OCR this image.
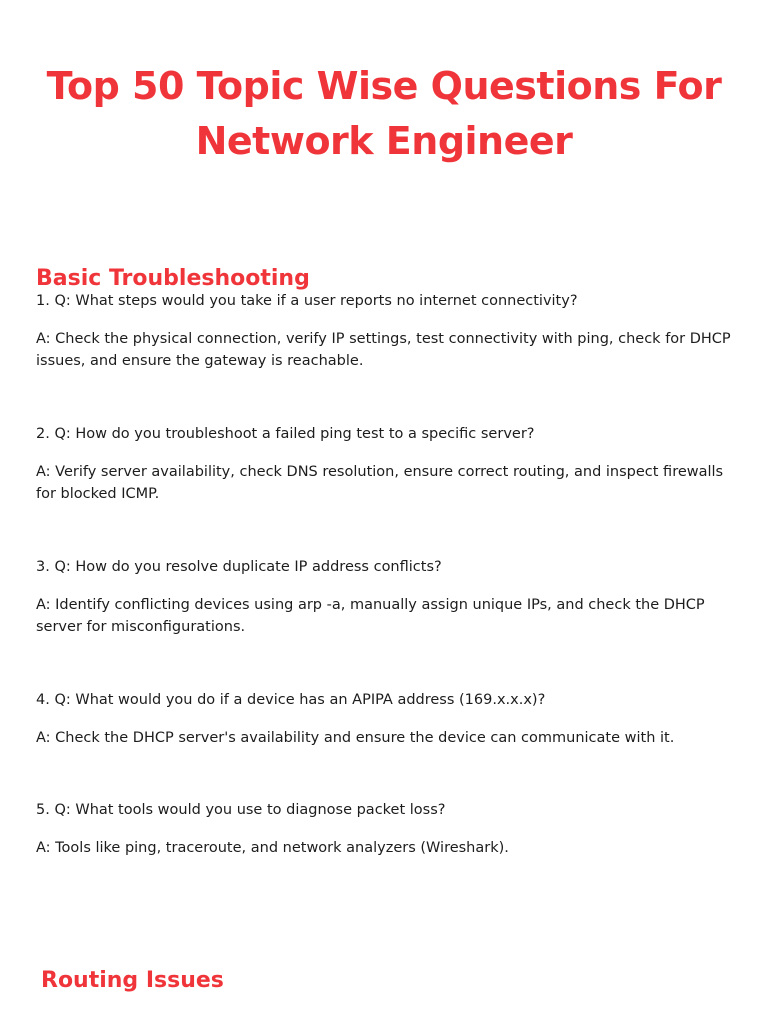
Top 50 Topic Wise Questions For
Network Engineer
Basic Troubleshooting

1. Q: What steps would you take if a user reports no internet connectivity?

A: Check the physical connection, verify IP settings, test connectivity with ping, check for DHCP issues, and ensure the gateway is reachable.

2. Q: How do you troubleshoot a failed ping test to a specific server?

A: Verify server availability, check DNS resolution, ensure correct routing, and inspect firewalls for blocked ICMP.

3. Q: How do you resolve duplicate IP address conflicts?

A: Identify conflicting devices using arp -a, manually assign unique IPs, and check the DHCP server for misconfigurations.

4. Q: What would you do if a device has an APIPA address (169.x.x.x)?

A: Check the DHCP server's availability and ensure the device can communicate with it.

5. Q: What tools would you use to diagnose packet loss?

A: Tools like ping, traceroute, and network analyzers (Wireshark).

Routing Issues
